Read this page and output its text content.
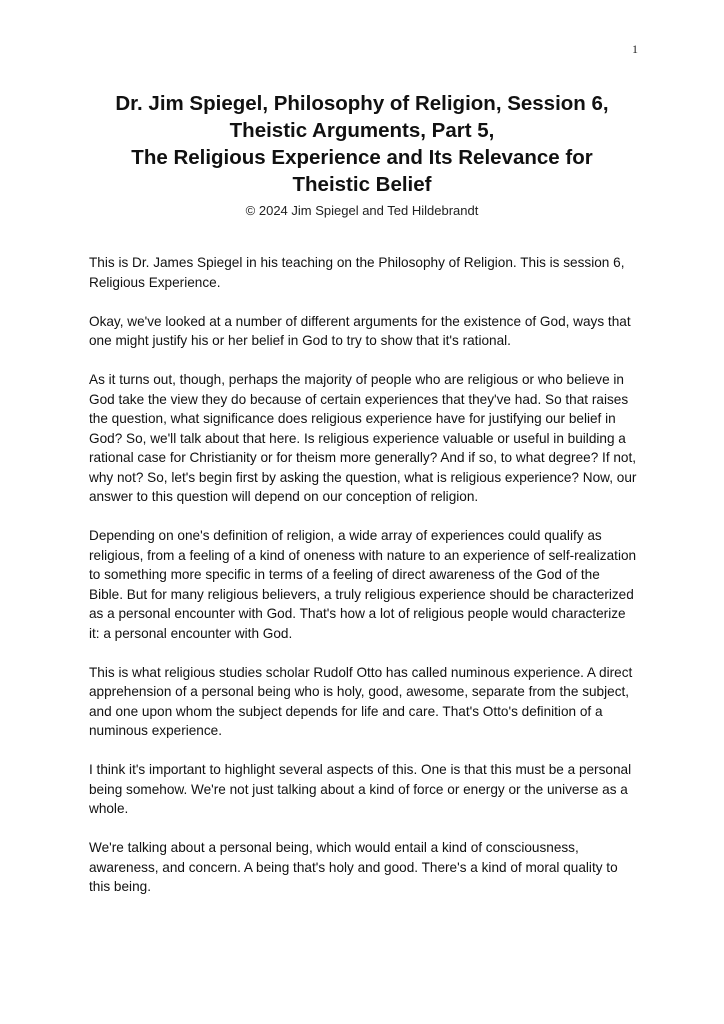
1
Dr. Jim Spiegel, Philosophy of Religion, Session 6,
Theistic Arguments, Part 5,
The Religious Experience and Its Relevance for
Theistic Belief
© 2024 Jim Spiegel and Ted Hildebrandt

This is Dr. James Spiegel in his teaching on the Philosophy of Religion. This is session 6, Religious Experience.

Okay, we've looked at a number of different arguments for the existence of God, ways that one might justify his or her belief in God to try to show that it's rational.

As it turns out, though, perhaps the majority of people who are religious or who believe in God take the view they do because of certain experiences that they've had. So that raises the question, what significance does religious experience have for justifying our belief in God? So, we'll talk about that here. Is religious experience valuable or useful in building a rational case for Christianity or for theism more generally? And if so, to what degree? If not, why not? So, let's begin first by asking the question, what is religious experience? Now, our answer to this question will depend on our conception of religion.

Depending on one's definition of religion, a wide array of experiences could qualify as religious, from a feeling of a kind of oneness with nature to an experience of self-realization to something more specific in terms of a feeling of direct awareness of the God of the Bible. But for many religious believers, a truly religious experience should be characterized as a personal encounter with God. That's how a lot of religious people would characterize it: a personal encounter with God.

This is what religious studies scholar Rudolf Otto has called numinous experience. A direct apprehension of a personal being who is holy, good, awesome, separate from the subject, and one upon whom the subject depends for life and care. That's Otto's definition of a numinous experience.

I think it's important to highlight several aspects of this. One is that this must be a personal being somehow. We're not just talking about a kind of force or energy or the universe as a whole.

We're talking about a personal being, which would entail a kind of consciousness, awareness, and concern. A being that's holy and good. There's a kind of moral quality to this being.
